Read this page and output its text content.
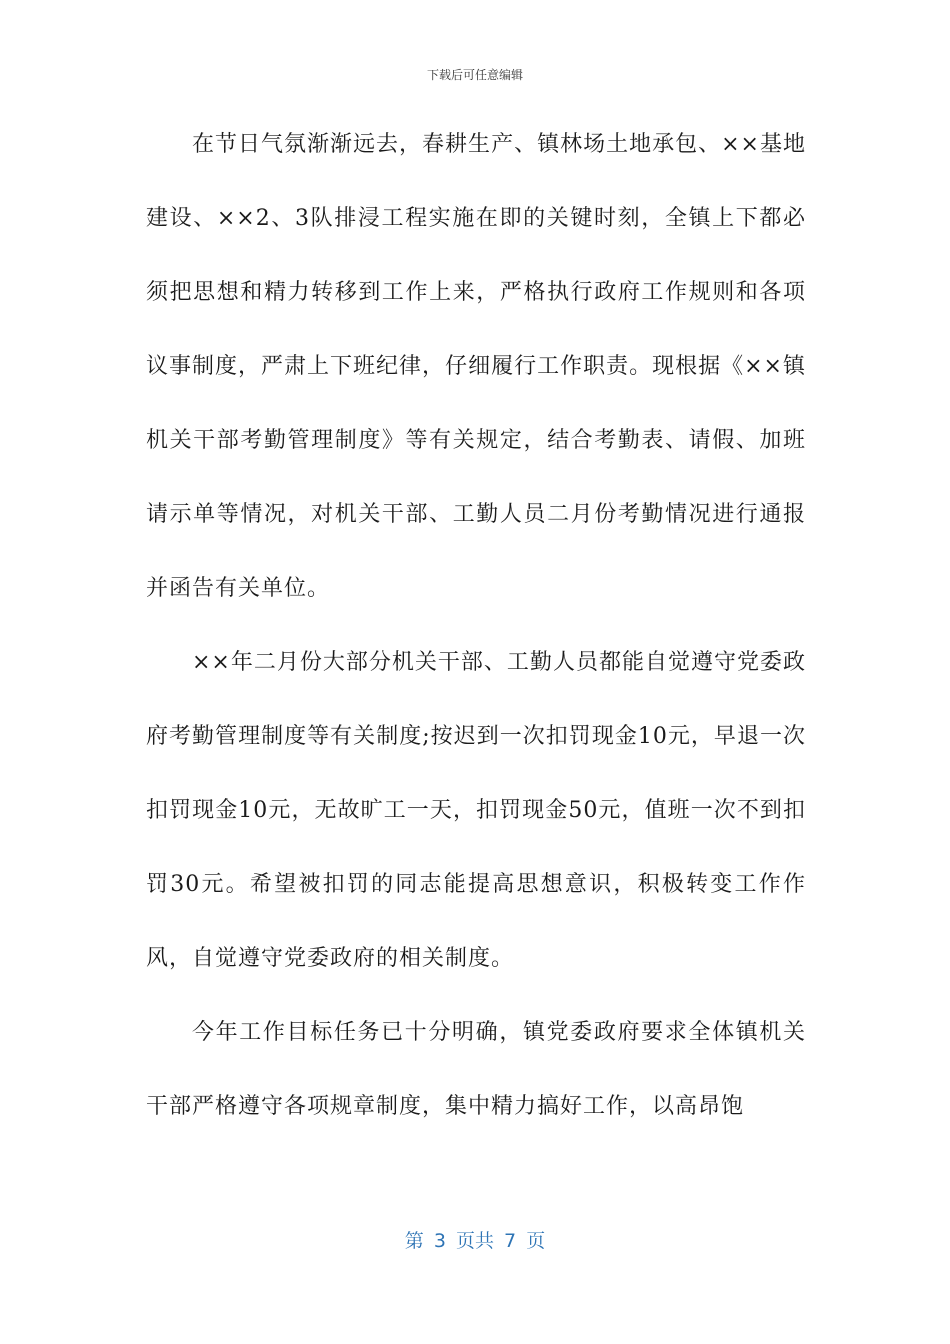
下载后可任意编辑

在节日气氛渐渐远去，春耕生产、镇林场土地承包、××基地建设、××2、3队排浸工程实施在即的关键时刻，全镇上下都必须把思想和精力转移到工作上来，严格执行政府工作规则和各项议事制度，严肃上下班纪律，仔细履行工作职责。现根据《××镇机关干部考勤管理制度》等有关规定，结合考勤表、请假、加班请示单等情况，对机关干部、工勤人员二月份考勤情况进行通报并函告有关单位。

××年二月份大部分机关干部、工勤人员都能自觉遵守党委政府考勤管理制度等有关制度;按迟到一次扣罚现金10元，早退一次扣罚现金10元，无故旷工一天，扣罚现金50元，值班一次不到扣罚30元。希望被扣罚的同志能提高思想意识，积极转变工作作风，自觉遵守党委政府的相关制度。

今年工作目标任务已十分明确，镇党委政府要求全体镇机关干部严格遵守各项规章制度，集中精力搞好工作，以高昂饱

第 3 页共 7 页
